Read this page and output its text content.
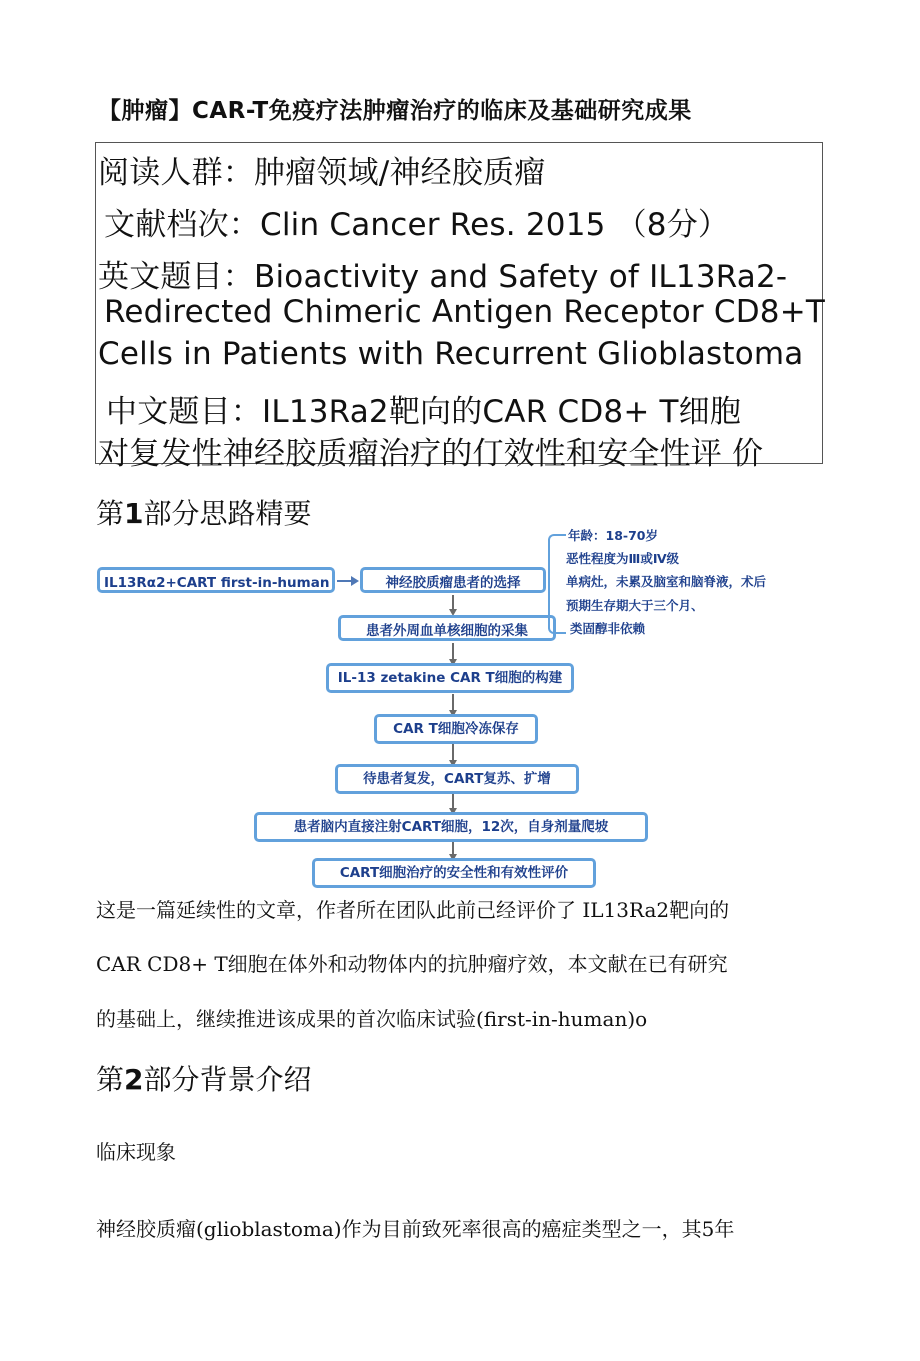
【肿瘤】CAR-T免疫疗法肿瘤治疗的临床及基础研究成果
阅读人群：肿瘤领域/神经胶质瘤
文献档次：Clin Cancer Res. 2015 （8分）
英文题目：Bioactivity and Safety of IL13Ra2-
Redirected Chimeric Antigen Receptor CD8+T
Cells in Patients with Recurrent Glioblastoma
中文题目：IL13Ra2靶向的CAR CD8+ T细胞
对复发性神经胶质瘤治疗的仃效性和安全性评 价
第1部分思路精要
IL13Rα2+CART first-in-human	神经胶质瘤患者的选择
患者外周血单核细胞的采集
IL-13 zetakine CAR T细胞的构建
CAR T细胞冷冻保存
待患者复发，CART复苏、扩增
患者脑内直接注射CART细胞，12次，自身剂量爬坡
CART细胞治疗的安全性和有效性评价
年龄：18-70岁
恶性程度为Ⅲ或Ⅳ级
单病灶，未累及脑室和脑脊液，术后
预期生存期大于三个月、
类固醇非依赖
这是一篇延续性的文章，作者所在团队此前己经评价了 IL13Ra2靶向的
CAR CD8+ T细胞在体外和动物体内的抗肿瘤疗效，本文献在已有研究
的基础上，继续推进该成果的首次临床试验(first-in-human)o
第2部分背景介绍
临床现象
神经胶质瘤(glioblastoma)作为目前致死率很高的癌症类型之一，其5年
